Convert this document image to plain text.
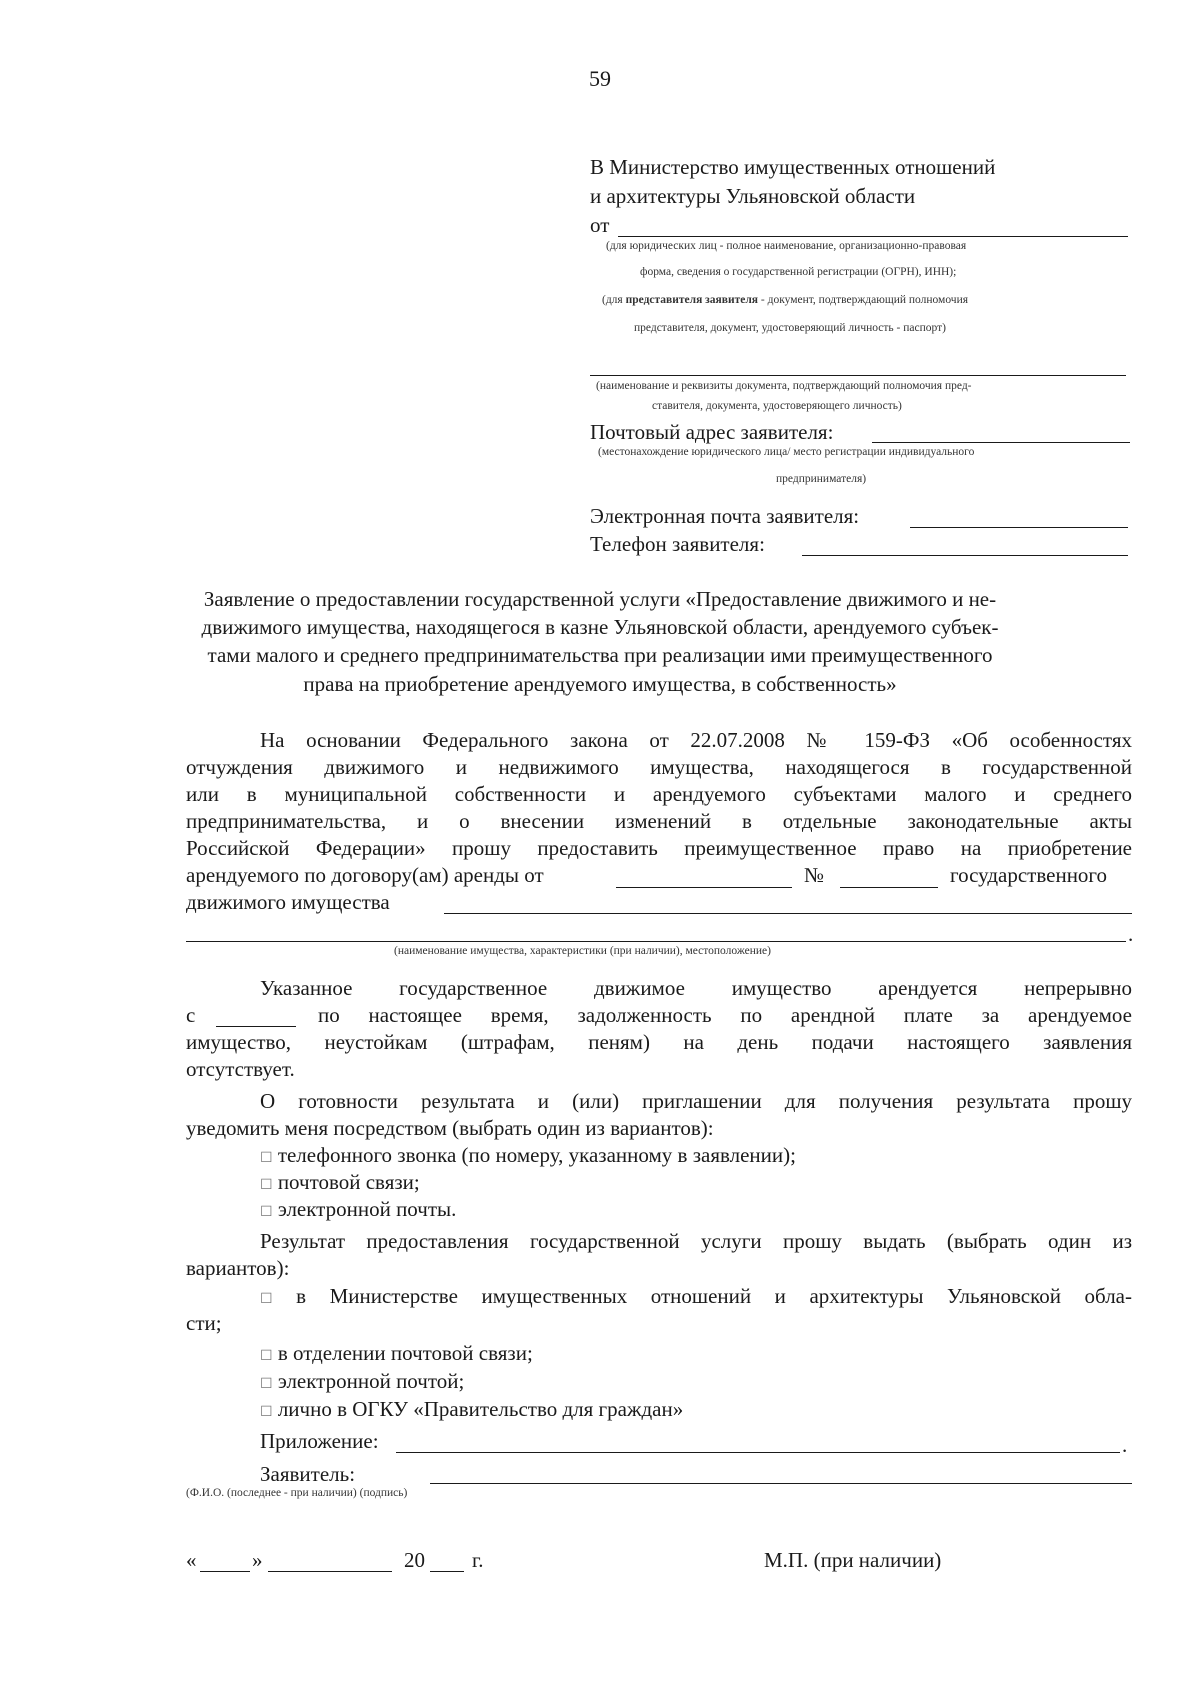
59
В Министерство имущественных отношений
и архитектуры Ульяновской области
от
(для юридических лиц - полное наименование, организационно-правовая
форма, сведения о государственной регистрации (ОГРН), ИНН);
(для представителя заявителя - документ, подтверждающий полномочия
представителя, документ, удостоверяющий личность - паспорт)
(наименование и реквизиты документа, подтверждающий полномочия пред-
ставителя, документа, удостоверяющего личность)
Почтовый адрес заявителя:
(местонахождение юридического лица/ место регистрации индивидуального
предпринимателя)
Электронная почта заявителя:
Телефон заявителя:
Заявление о предоставлении государственной услуги «Предоставление движимого и не-
движимого имущества, находящегося в казне Ульяновской области, арендуемого субъек-
тами малого и среднего предпринимательства при реализации ими преимущественного
права на приобретение арендуемого имущества, в собственность»
На основании Федерального закона от 22.07.2008 № 159-ФЗ «Об особенностях
отчуждения движимого и недвижимого имущества, находящегося в государственной
или в муниципальной собственности и арендуемого субъектами малого и среднего
предпринимательства, и о внесении изменений в отдельные законодательные акты
Российской Федерации» прошу предоставить преимущественное право на приобретение
арендуемого по договору(ам) аренды от	№	государственного
движимого имущества
.
(наименование имущества, характеристики (при наличии), местоположение)
Указанное государственное движимое имущество арендуется непрерывно
с	по настоящее время, задолженность по арендной плате за арендуемое
имущество, неустойкам (штрафам, пеням) на день подачи настоящего заявления
отсутствует.
О готовности результата и (или) приглашении для получения результата прошу
уведомить меня посредством (выбрать один из вариантов):
☐ телефонного звонка (по номеру, указанному в заявлении);
☐ почтовой связи;
☐ электронной почты.
Результат предоставления государственной услуги прошу выдать (выбрать один из
вариантов):
☐ в Министерстве имущественных отношений и архитектуры Ульяновской обла-
сти;
☐ в отделении почтовой связи;
☐ электронной почтой;
☐ лично в ОГКУ «Правительство для граждан»
Приложение:	.
Заявитель:
(Ф.И.О. (последнее - при наличии) (подпись)
«	»	20 г.	М.П. (при наличии)
